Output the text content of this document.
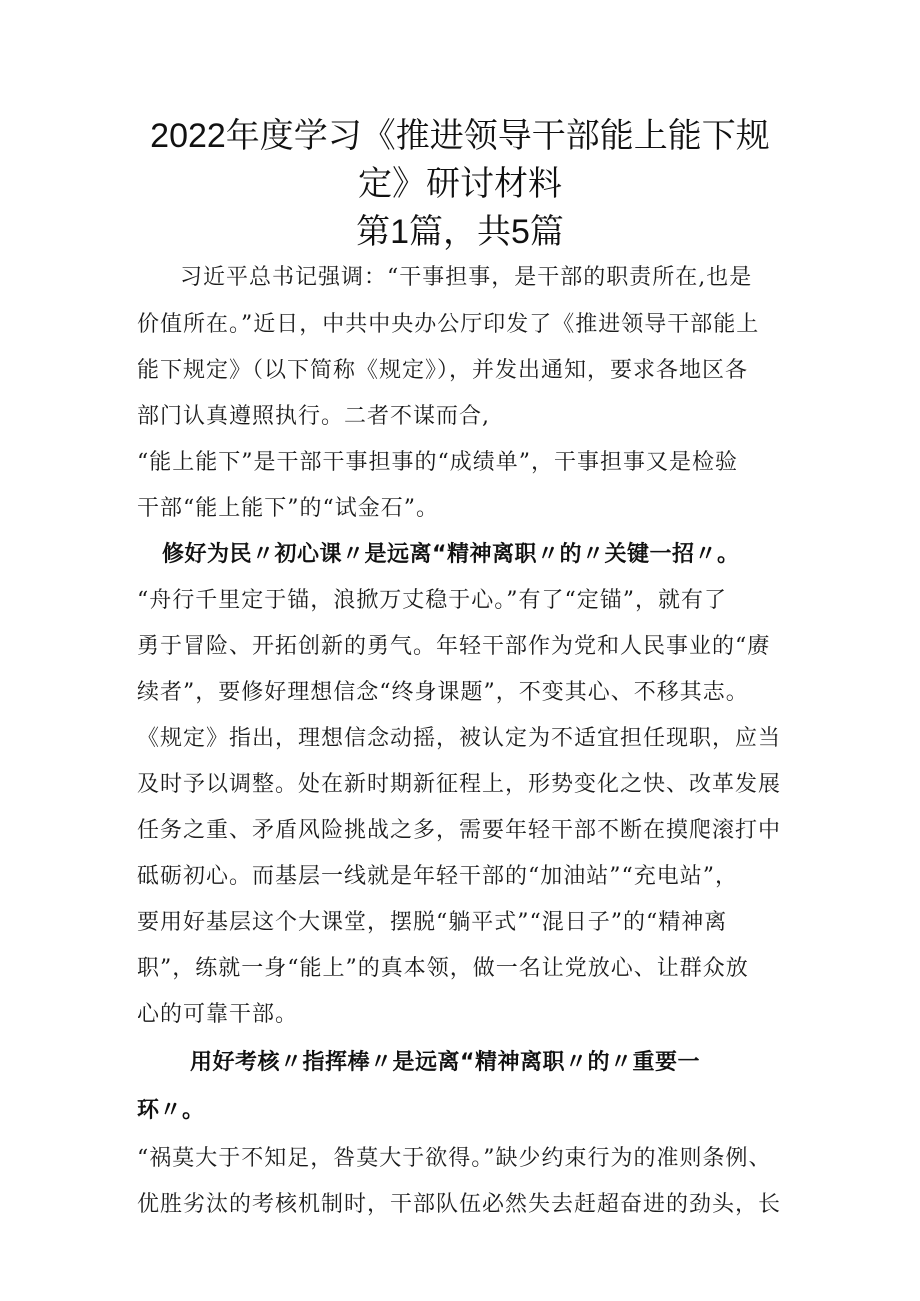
2022年度学习《推进领导干部能上能下规
定》研讨材料
第1篇，共5篇
习近平总书记强调：“干事担事，是干部的职责所在,也是
价值所在。”近日，中共中央办公厅印发了《推进领导干部能上
能下规定》（以下简称《规定》），并发出通知，要求各地区各
部门认真遵照执行。二者不谋而合,
“能上能下”是干部干事担事的“成绩单”，干事担事又是检验
干部“能上能下”的“试金石”。
修好为民〃初心课〃是远离“精神离职〃的〃关键一招〃。
“舟行千里定于锚，浪掀万丈稳于心。”有了“定锚”，就有了
勇于冒险、开拓创新的勇气。年轻干部作为党和人民事业的“赓
续者”，要修好理想信念“终身课题”，不变其心、不移其志。
《规定》指出，理想信念动摇，被认定为不适宜担任现职，应当
及时予以调整。处在新时期新征程上，形势变化之快、改革发展
任务之重、矛盾风险挑战之多，需要年轻干部不断在摸爬滚打中
砥砺初心。而基层一线就是年轻干部的“加油站”“充电站”，
要用好基层这个大课堂，摆脱“躺平式”“混日子”的“精神离
职”，练就一身“能上”的真本领，做一名让党放心、让群众放
心的可靠干部。
用好考核〃指挥棒〃是远离“精神离职〃的〃重要一
环〃。
“祸莫大于不知足，咎莫大于欲得。”缺少约束行为的准则条例、
优胜劣汰的考核机制时，干部队伍必然失去赶超奋进的劲头，长
